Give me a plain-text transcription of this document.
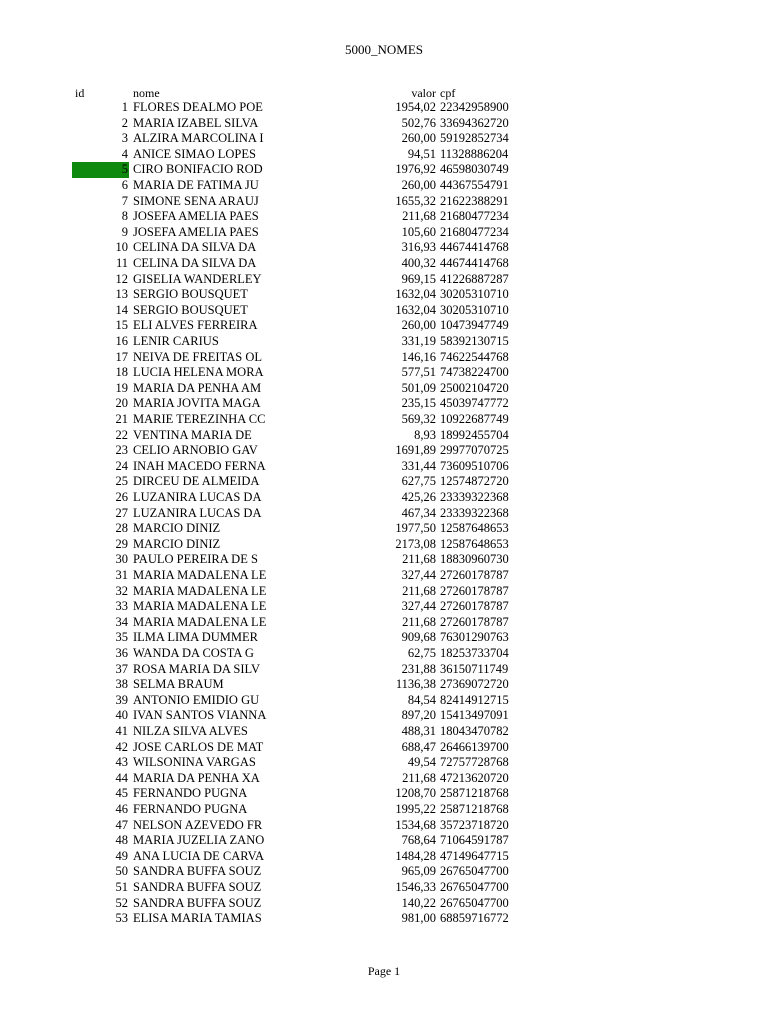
5000_NOMES
id	nome	valor cpf
1 FLORES DEALMO POE	1954,02 22342958900
2 MARIA IZABEL SILVA	502,76 33694362720
3 ALZIRA MARCOLINA I	260,00 59192852734
4 ANICE SIMAO LOPES	94,51 11328886204
5 CIRO BONIFACIO ROD	1976,92 46598030749
6 MARIA DE FATIMA JU	260,00 44367554791
7 SIMONE SENA ARAUJ	1655,32 21622388291
8 JOSEFA AMELIA PAES	211,68 21680477234
9 JOSEFA AMELIA PAES	105,60 21680477234
10 CELINA DA SILVA DA	316,93 44674414768
11 CELINA DA SILVA DA	400,32 44674414768
12 GISELIA WANDERLEY	969,15 41226887287
13 SERGIO BOUSQUET	1632,04 30205310710
14 SERGIO BOUSQUET	1632,04 30205310710
15 ELI ALVES FERREIRA	260,00 10473947749
16 LENIR CARIUS	331,19 58392130715
17 NEIVA DE FREITAS OL	146,16 74622544768
18 LUCIA HELENA MORA	577,51 74738224700
19 MARIA DA PENHA AM	501,09 25002104720
20 MARIA JOVITA MAGA	235,15 45039747772
21 MARIE TEREZINHA CC	569,32 10922687749
22 VENTINA MARIA DE	8,93 18992455704
23 CELIO ARNOBIO GAV	1691,89 29977070725
24 INAH MACEDO FERNA	331,44 73609510706
25 DIRCEU DE ALMEIDA	627,75 12574872720
26 LUZANIRA LUCAS DA	425,26 23339322368
27 LUZANIRA LUCAS DA	467,34 23339322368
28 MARCIO DINIZ	1977,50 12587648653
29 MARCIO DINIZ	2173,08 12587648653
30 PAULO PEREIRA DE S	211,68 18830960730
31 MARIA MADALENA LE	327,44 27260178787
32 MARIA MADALENA LE	211,68 27260178787
33 MARIA MADALENA LE	327,44 27260178787
34 MARIA MADALENA LE	211,68 27260178787
35 ILMA LIMA DUMMER	909,68 76301290763
36 WANDA DA COSTA G	62,75 18253733704
37 ROSA MARIA DA SILV	231,88 36150711749
38 SELMA BRAUM	1136,38 27369072720
39 ANTONIO EMIDIO GU	84,54 82414912715
40 IVAN SANTOS VIANNA	897,20 15413497091
41 NILZA SILVA ALVES	488,31 18043470782
42 JOSE CARLOS DE MAT	688,47 26466139700
43 WILSONINA VARGAS	49,54 72757728768
44 MARIA DA PENHA XA	211,68 47213620720
45 FERNANDO PUGNA	1208,70 25871218768
46 FERNANDO PUGNA	1995,22 25871218768
47 NELSON AZEVEDO FR	1534,68 35723718720
48 MARIA JUZELIA ZANO	768,64 71064591787
49 ANA LUCIA DE CARVA	1484,28 47149647715
50 SANDRA BUFFA SOUZ	965,09 26765047700
51 SANDRA BUFFA SOUZ	1546,33 26765047700
52 SANDRA BUFFA SOUZ	140,22 26765047700
53 ELISA MARIA TAMIAS	981,00 68859716772
Page 1
